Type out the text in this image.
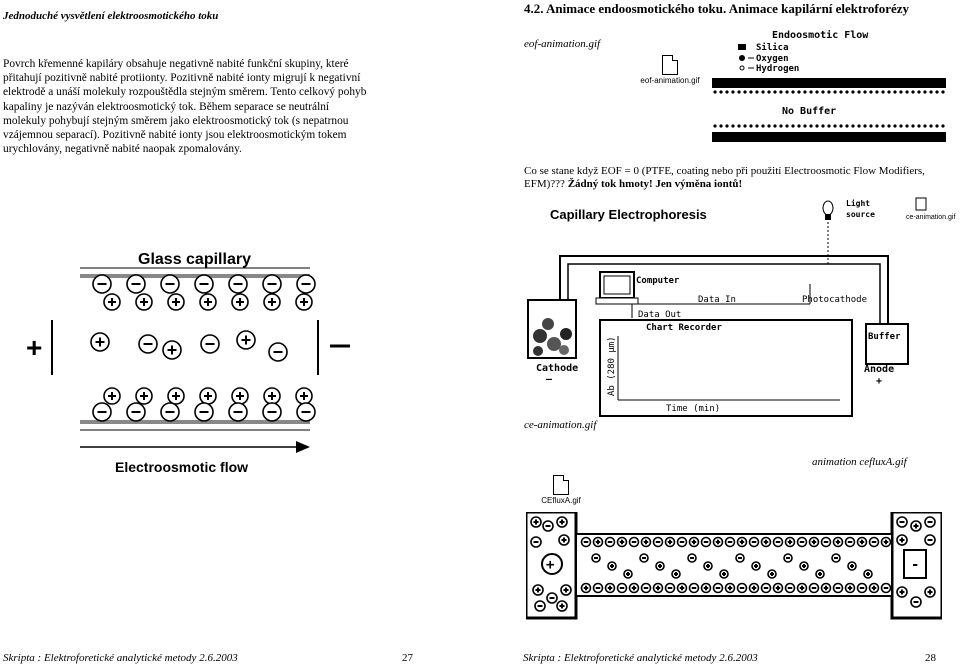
Jednoduché vysvětlení elektroosmotického toku
Povrch křemenné kapiláry obsahuje negativně nabité funkční skupiny, které
přitahují pozitivně nabité protiionty. Pozitivně nabité ionty migrují k negativní
elektrodě a unáší molekuly rozpouštědla stejným směrem. Tento celkový pohyb
kapaliny je nazýván elektroosmotický tok. Během separace se neutrální
molekuly pohybují stejným směrem jako elektroosmotický tok (s nepatrnou
vzájemnou separací). Pozitivně nabité ionty jsou elektroosmotickým tokem
urychlovány, negativně nabité naopak zpomalovány.
Glass capillary
+
Electroosmotic flow
Skripta : Elektroforetické analytické metody 2.6.2003	27
4.2. Animace endoosmotického toku. Animace kapilární elektroforézy
eof-animation.gif
eof-animation.gif
Endoosmotic Flow
Silica
Oxygen
Hydrogen
No Buffer
Co se stane když EOF = 0 (PTFE, coating nebo při použití Electroosmotic Flow Modifiers,
EFM)??? Žádný tok hmoty! Jen výměna iontů!
Capillary Electrophoresis
Light
source	ce-animation.gif
Cathode
—
Buffer
Anode
+
Computer
Data In	Photocathode
Data Out
Chart Recorder
Ab (280 μm)
Time (min)
ce-animation.gif
animation cefluxA.gif
CEfluxA.gif
+	-
Skripta : Elektroforetické analytické metody 2.6.2003	28
